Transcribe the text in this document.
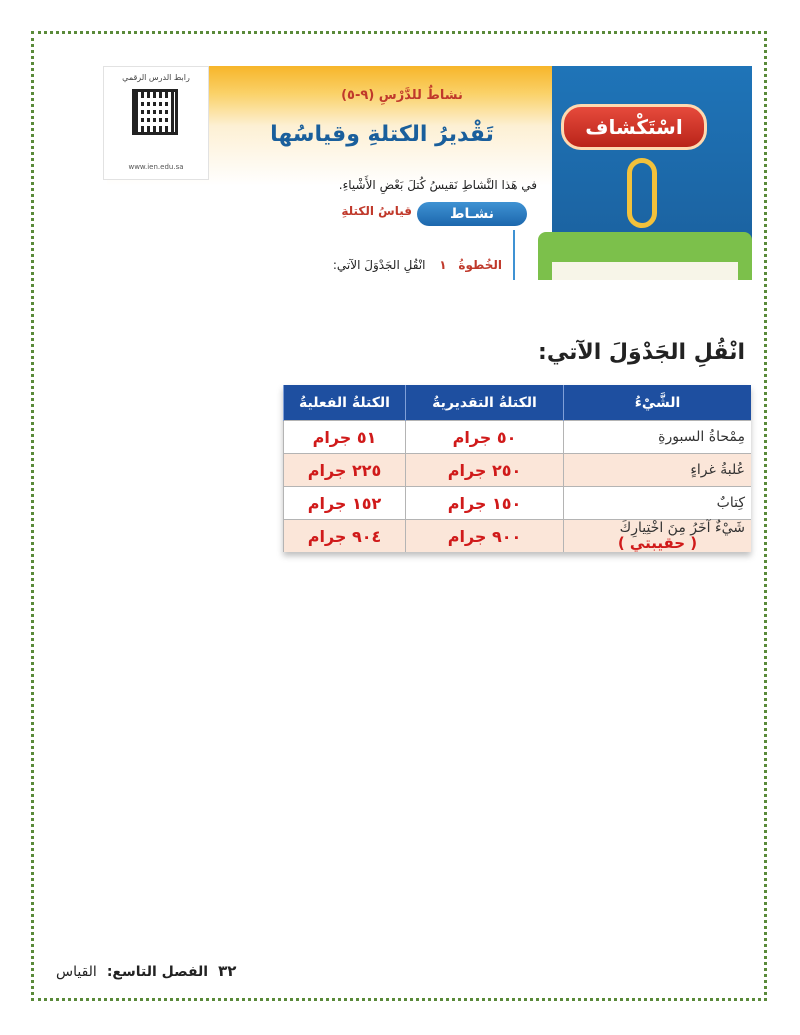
رابط الدرس الرقمي
www.ien.edu.sa
نشاطٌ للدَّرْسِ (٩-٥)
تَقْديرُ الكتلةِ وقياسُها	اسْتَكْشاف
في هَذا النَّشاطِ نَقيسُ كُتلَ بَعْضِ الأَشْياءِ.
نشـاط
قياسُ الكتلةِ
الخُطوةُ ١ انْقُلِ الجَدْوَلَ الآتي:
انْقُلِ الجَدْوَلَ الآتي:
الشَّيْءُ	الكتلةُ التقديريةُ	الكتلةُ الفعليةُ
مِمْحاةُ السبورةِ	٥٠ جرام	٥١ جرام
عُلبةُ غراءٍ	٢٥٠ جرام	٢٢٥ جرام
كِتابٌ	١٥٠ جرام	١٥٢ جرام
شَيْءٌ آخَرُ مِنَ اخْتِيارِكَ
( حقيبتي )	٩٠٠ جرام	٩٠٤ جرام
٣٢
الفصل التاسع:
القياس
